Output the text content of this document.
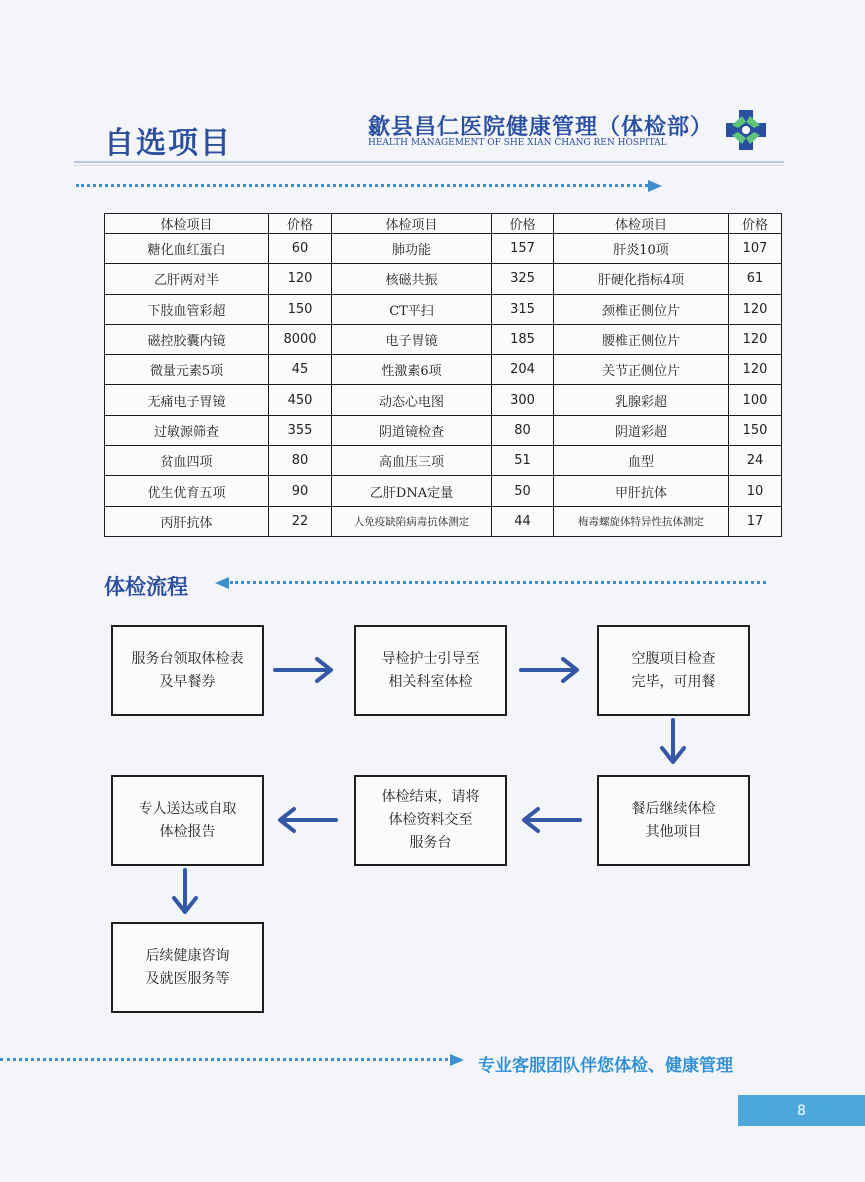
自选项目	歙县昌仁医院健康管理（体检部）
HEALTH MANAGEMENT OF SHE XIAN CHANG REN HOSPITAL
体检项目	价格	体检项目	价格	体检项目	价格
糖化血红蛋白	60	肺功能	157	肝炎10项	107
乙肝两对半	120	核磁共振	325	肝硬化指标4项	61
下肢血管彩超	150	CT平扫	315	颈椎正侧位片	120
磁控胶囊内镜	8000	电子胃镜	185	腰椎正侧位片	120
微量元素5项	45	性激素6项	204	关节正侧位片	120
无痛电子胃镜	450	动态心电图	300	乳腺彩超	100
过敏源筛查	355	阴道镜检查	80	阴道彩超	150
贫血四项	80	高血压三项	51	血型	24
优生优育五项	90	乙肝DNA定量	50	甲肝抗体	10
丙肝抗体	22	人免疫缺陷病毒抗体测定	44	梅毒螺旋体特异性抗体测定	17
体检流程
服务台领取体检表
及早餐券
导检护士引导至
相关科室体检
空腹项目检查
完毕，可用餐
餐后继续体检
其他项目
体检结束，请将
体检资料交至
服务台
专人送达或自取
体检报告
后续健康咨询
及就医服务等
专业客服团队伴您体检、健康管理
8
